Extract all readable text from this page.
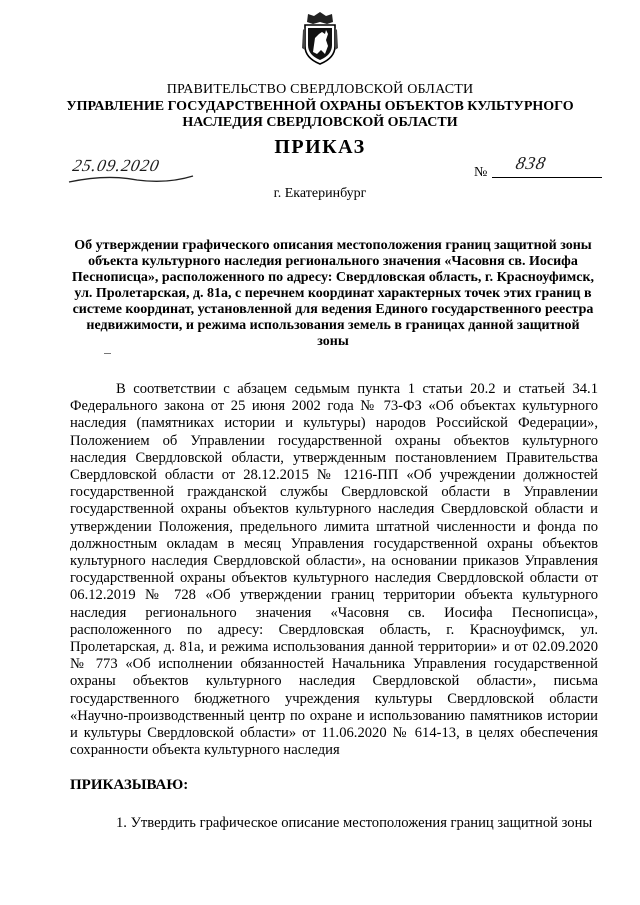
ПРАВИТЕЛЬСТВО СВЕРДЛОВСКОЙ ОБЛАСТИ
УПРАВЛЕНИЕ ГОСУДАРСТВЕННОЙ ОХРАНЫ ОБЪЕКТОВ КУЛЬТУРНОГО НАСЛЕДИЯ СВЕРДЛОВСКОЙ ОБЛАСТИ
ПРИКАЗ
25.09.2020	№ 838
г. Екатеринбург
Об утверждении графического описания местоположения границ защитной зоны объекта культурного наследия регионального значения «Часовня св. Иосифа Песнописца», расположенного по адресу: Свердловская область, г. Красноуфимск, ул. Пролетарская, д. 81а, с перечнем координат характерных точек этих границ в системе координат, установленной для ведения Единого государственного реестра недвижимости, и режима использования земель в границах данной защитной зоны

В соответствии с абзацем седьмым пункта 1 статьи 20.2 и статьей 34.1 Федерального закона от 25 июня 2002 года № 73-ФЗ «Об объектах культурного наследия (памятниках истории и культуры) народов Российской Федерации», Положением об Управлении государственной охраны объектов культурного наследия Свердловской области, утвержденным постановлением Правительства Свердловской области от 28.12.2015 № 1216-ПП «Об учреждении должностей государственной гражданской службы Свердловской области в Управлении государственной охраны объектов культурного наследия Свердловской области и утверждении Положения, предельного лимита штатной численности и фонда по должностным окладам в месяц Управления государственной охраны объектов культурного наследия Свердловской области», на основании приказов Управления государственной охраны объектов культурного наследия Свердловской области от 06.12.2019 № 728 «Об утверждении границ территории объекта культурного наследия регионального значения «Часовня св. Иосифа Песнописца», расположенного по адресу: Свердловская область, г. Красноуфимск, ул. Пролетарская, д. 81а, и режима использования данной территории» и от 02.09.2020 № 773 «Об исполнении обязанностей Начальника Управления государственной охраны объектов культурного наследия Свердловской области», письма государственного бюджетного учреждения культуры Свердловской области «Научно-производственный центр по охране и использованию памятников истории и культуры Свердловской области» от 11.06.2020 № 614-13, в целях обеспечения сохранности объекта культурного наследия

ПРИКАЗЫВАЮ:
1. Утвердить графическое описание местоположения границ защитной зоны
